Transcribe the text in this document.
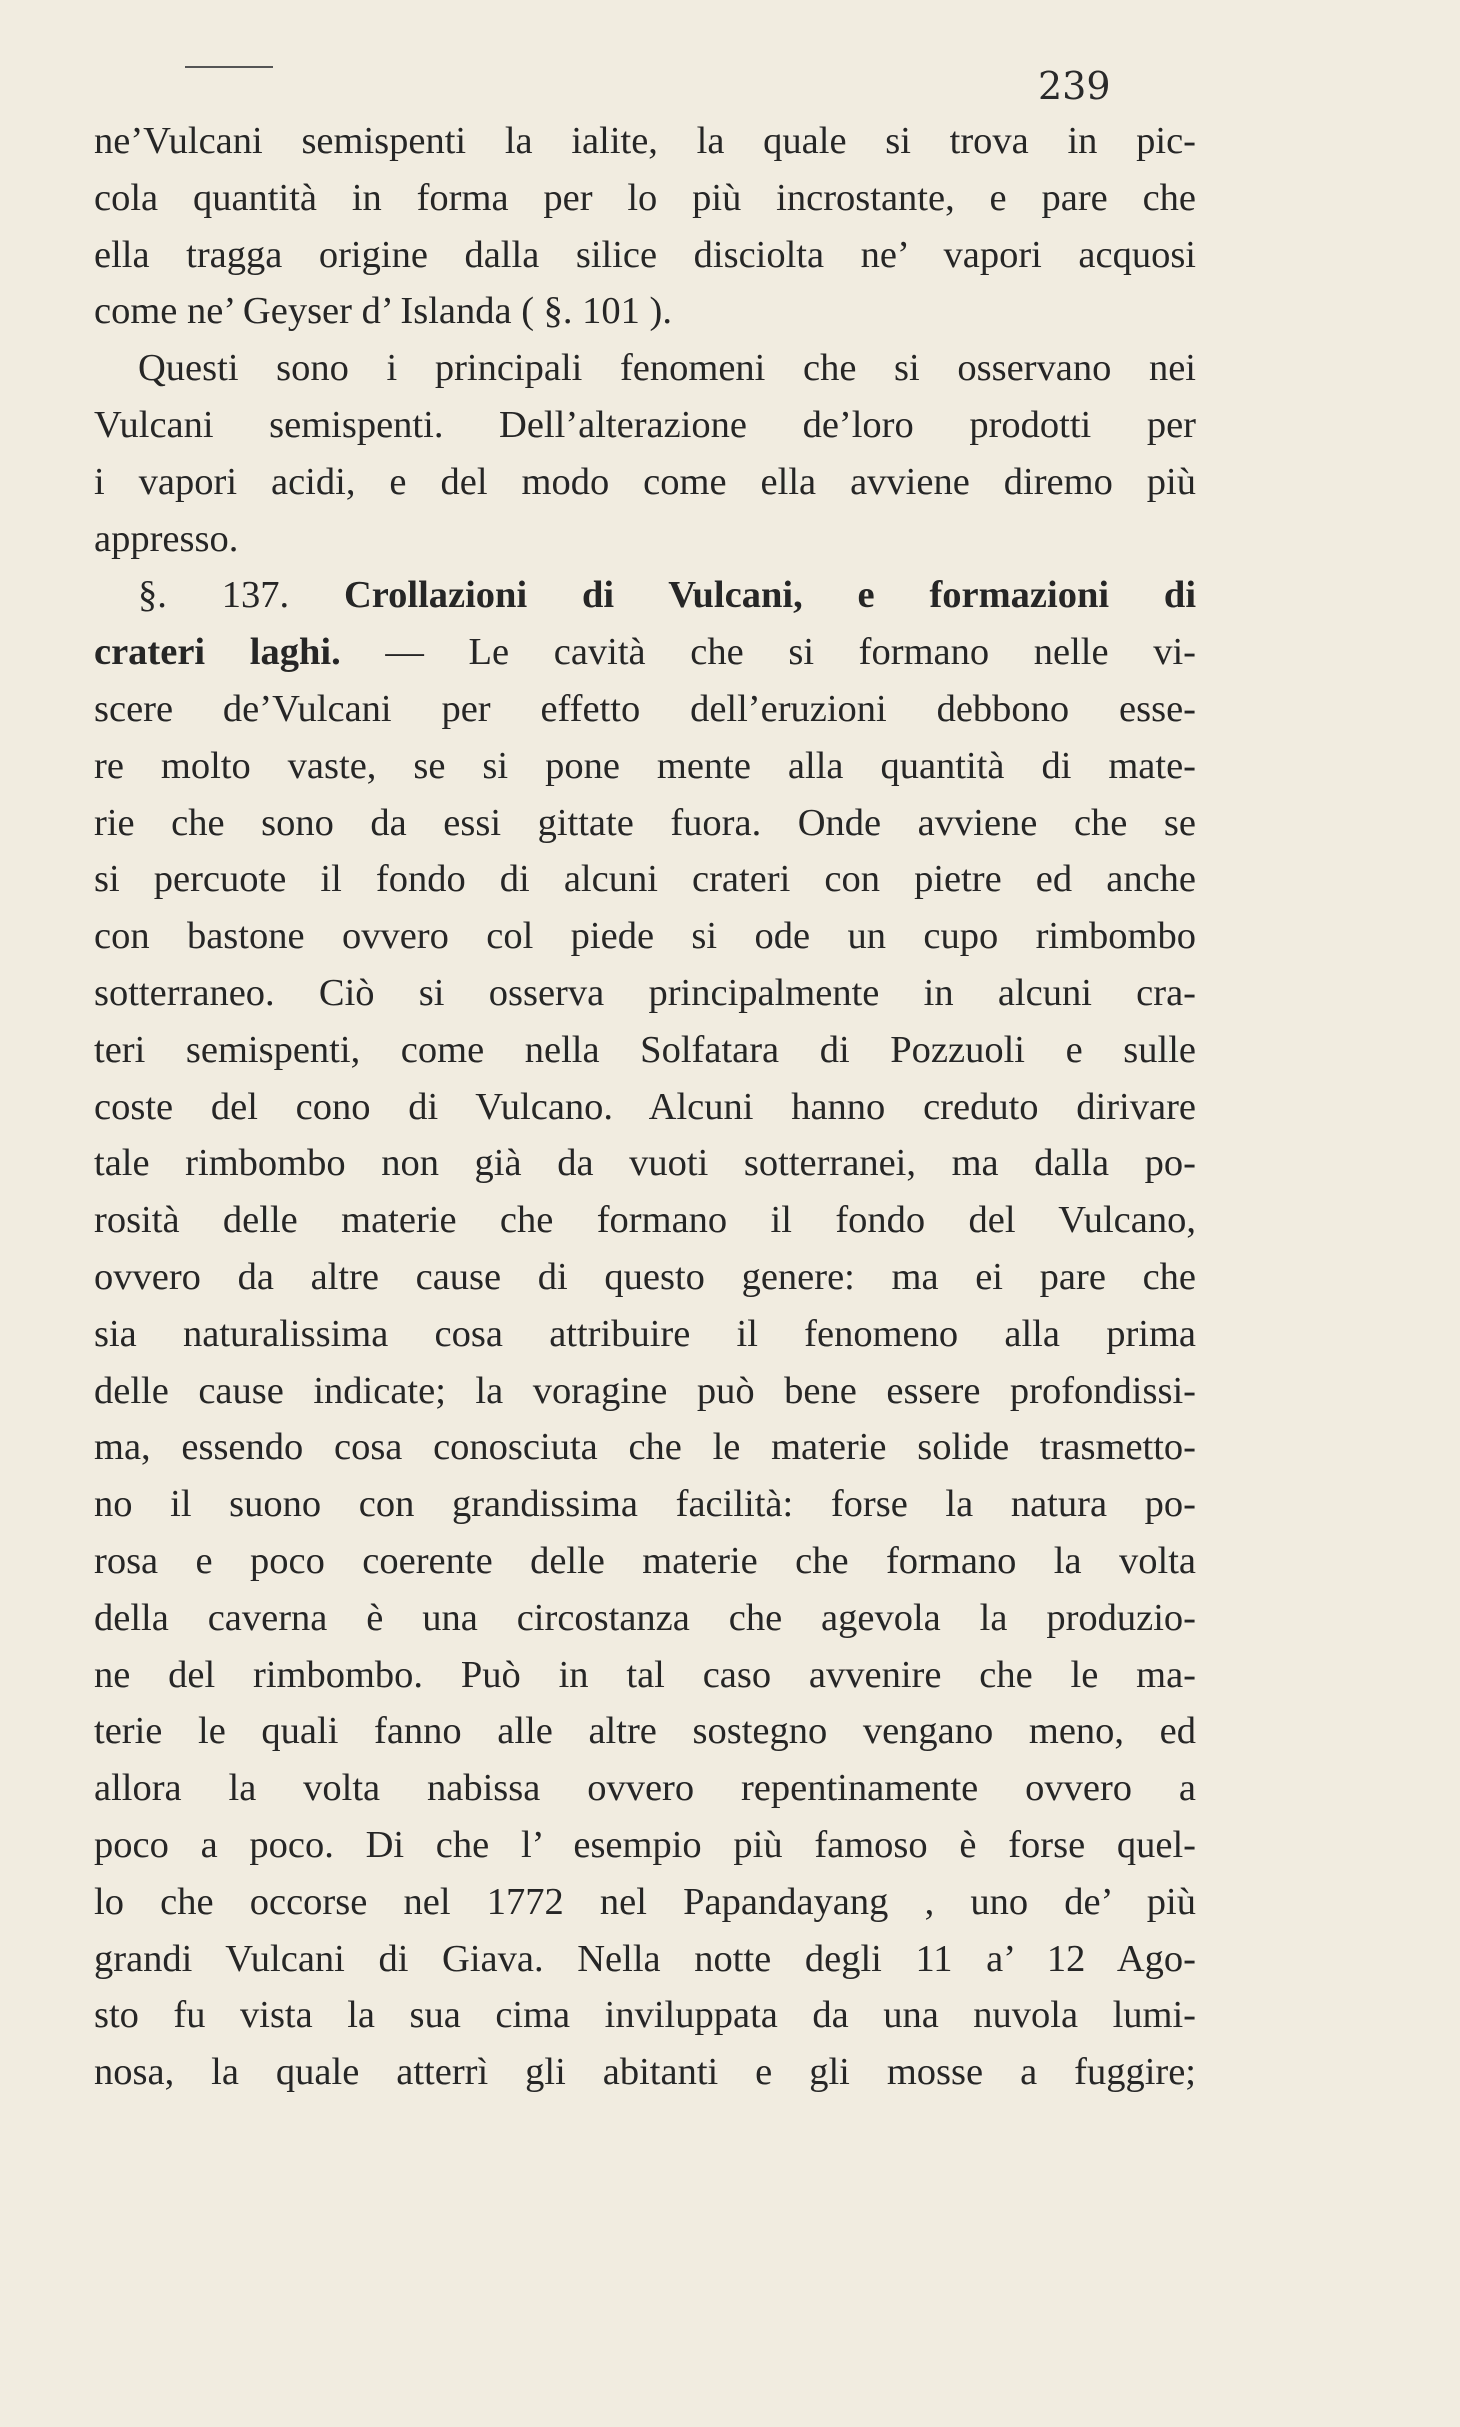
239
ne’Vulcani semispenti la ialite, la quale si trova in pic-
cola quantità in forma per lo più incrostante, e pare che
ella tragga origine dalla silice disciolta ne’ vapori acquosi
come ne’ Geyser d’ Islanda ( §. 101 ).
Questi sono i principali fenomeni che si osservano nei
Vulcani semispenti. Dell’alterazione de’loro prodotti per
i vapori acidi, e del modo come ella avviene diremo più
appresso.
§. 137. Crollazioni di Vulcani, e formazioni di
crateri laghi. — Le cavità che si formano nelle vi-
scere de’Vulcani per effetto dell’eruzioni debbono esse-
re molto vaste, se si pone mente alla quantità di mate-
rie che sono da essi gittate fuora. Onde avviene che se
si percuote il fondo di alcuni crateri con pietre ed anche
con bastone ovvero col piede si ode un cupo rimbombo
sotterraneo. Ciò si osserva principalmente in alcuni cra-
teri semispenti, come nella Solfatara di Pozzuoli e sulle
coste del cono di Vulcano. Alcuni hanno creduto dirivare
tale rimbombo non già da vuoti sotterranei, ma dalla po-
rosità delle materie che formano il fondo del Vulcano,
ovvero da altre cause di questo genere: ma ei pare che
sia naturalissima cosa attribuire il fenomeno alla prima
delle cause indicate; la voragine può bene essere profondissi-
ma, essendo cosa conosciuta che le materie solide trasmetto-
no il suono con grandissima facilità: forse la natura po-
rosa e poco coerente delle materie che formano la volta
della caverna è una circostanza che agevola la produzio-
ne del rimbombo. Può in tal caso avvenire che le ma-
terie le quali fanno alle altre sostegno vengano meno, ed
allora la volta nabissa ovvero repentinamente ovvero a
poco a poco. Di che l’ esempio più famoso è forse quel-
lo che occorse nel 1772 nel Papandayang , uno de’ più
grandi Vulcani di Giava. Nella notte degli 11 a’ 12 Ago-
sto fu vista la sua cima inviluppata da una nuvola lumi-
nosa, la quale atterrì gli abitanti e gli mosse a fuggire;
